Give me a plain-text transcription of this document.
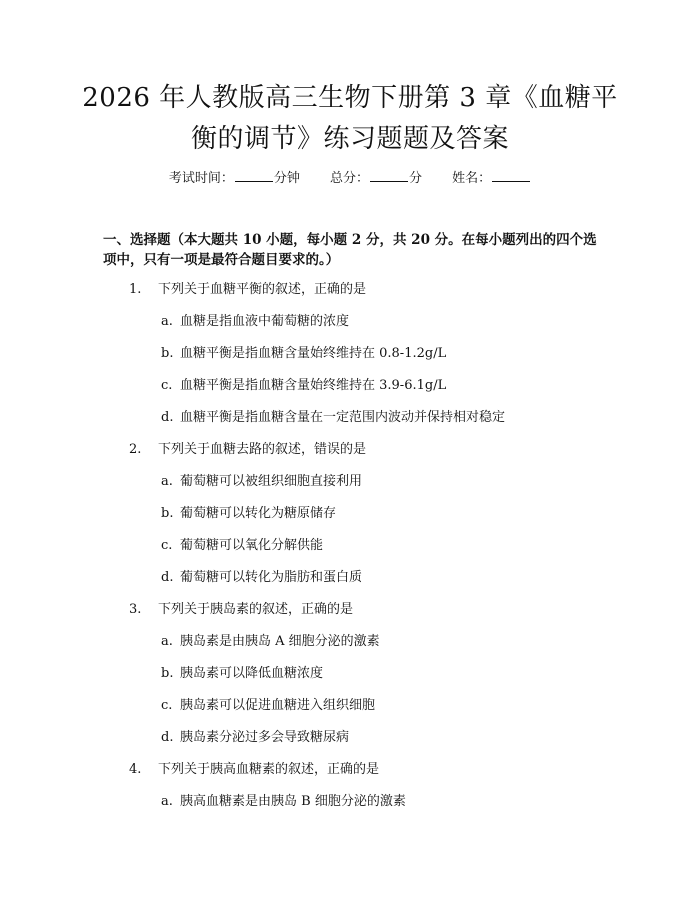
2026 年人教版高三生物下册第 3 章《血糖平
衡的调节》练习题题及答案
考试时间：	分钟 总分：	分 姓名：
一、选择题（本大题共 10 小题，每小题 2 分，共 20 分。在每小题列出的四个选项中，只有一项是最符合题目要求的。）
1. 下列关于血糖平衡的叙述，正确的是
a. 血糖是指血液中葡萄糖的浓度
b. 血糖平衡是指血糖含量始终维持在 0.8-1.2g/L
c. 血糖平衡是指血糖含量始终维持在 3.9-6.1g/L
d. 血糖平衡是指血糖含量在一定范围内波动并保持相对稳定
2. 下列关于血糖去路的叙述，错误的是
a. 葡萄糖可以被组织细胞直接利用
b. 葡萄糖可以转化为糖原储存
c. 葡萄糖可以氧化分解供能
d. 葡萄糖可以转化为脂肪和蛋白质
3. 下列关于胰岛素的叙述，正确的是
a. 胰岛素是由胰岛 A 细胞分泌的激素
b. 胰岛素可以降低血糖浓度
c. 胰岛素可以促进血糖进入组织细胞
d. 胰岛素分泌过多会导致糖尿病
4. 下列关于胰高血糖素的叙述，正确的是
a. 胰高血糖素是由胰岛 B 细胞分泌的激素
